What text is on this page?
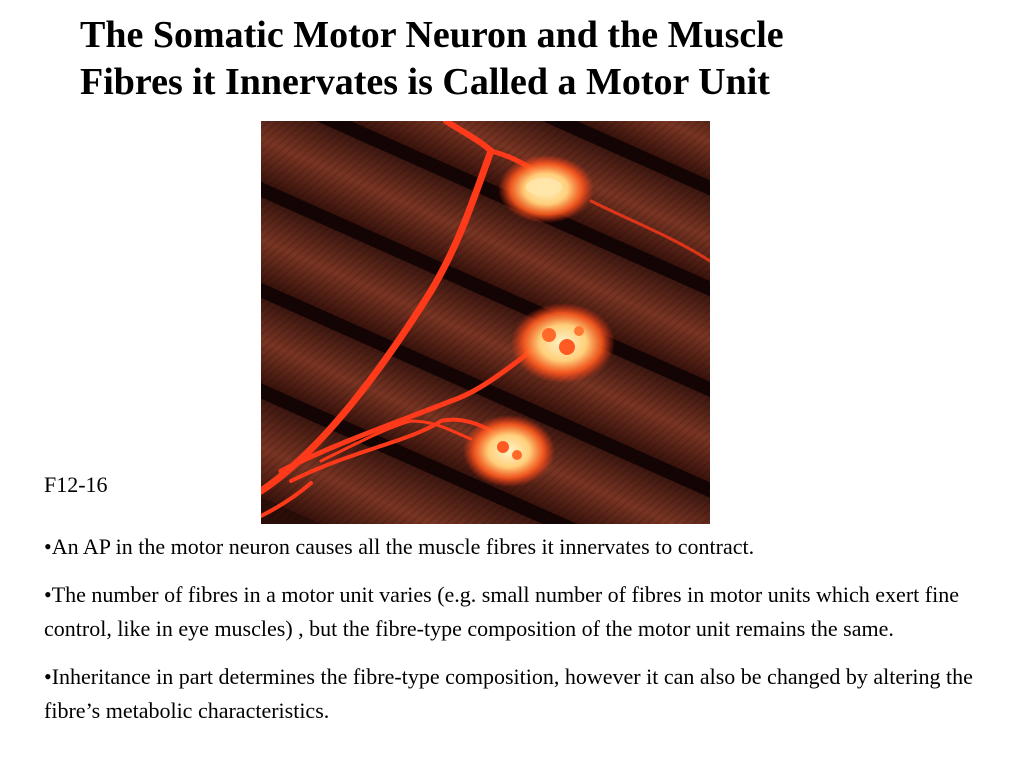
The Somatic Motor Neuron and the Muscle
Fibres it Innervates is Called a Motor Unit
F12-16
•An AP in the motor neuron causes all the muscle fibres it innervates to contract.
•The number of fibres in a motor unit varies (e.g. small number of fibres in motor units which exert fine control, like in eye muscles) , but the fibre-type composition of the motor unit remains the same.
•Inheritance in part determines the fibre-type composition, however it can also be changed by altering the fibre’s metabolic characteristics.
